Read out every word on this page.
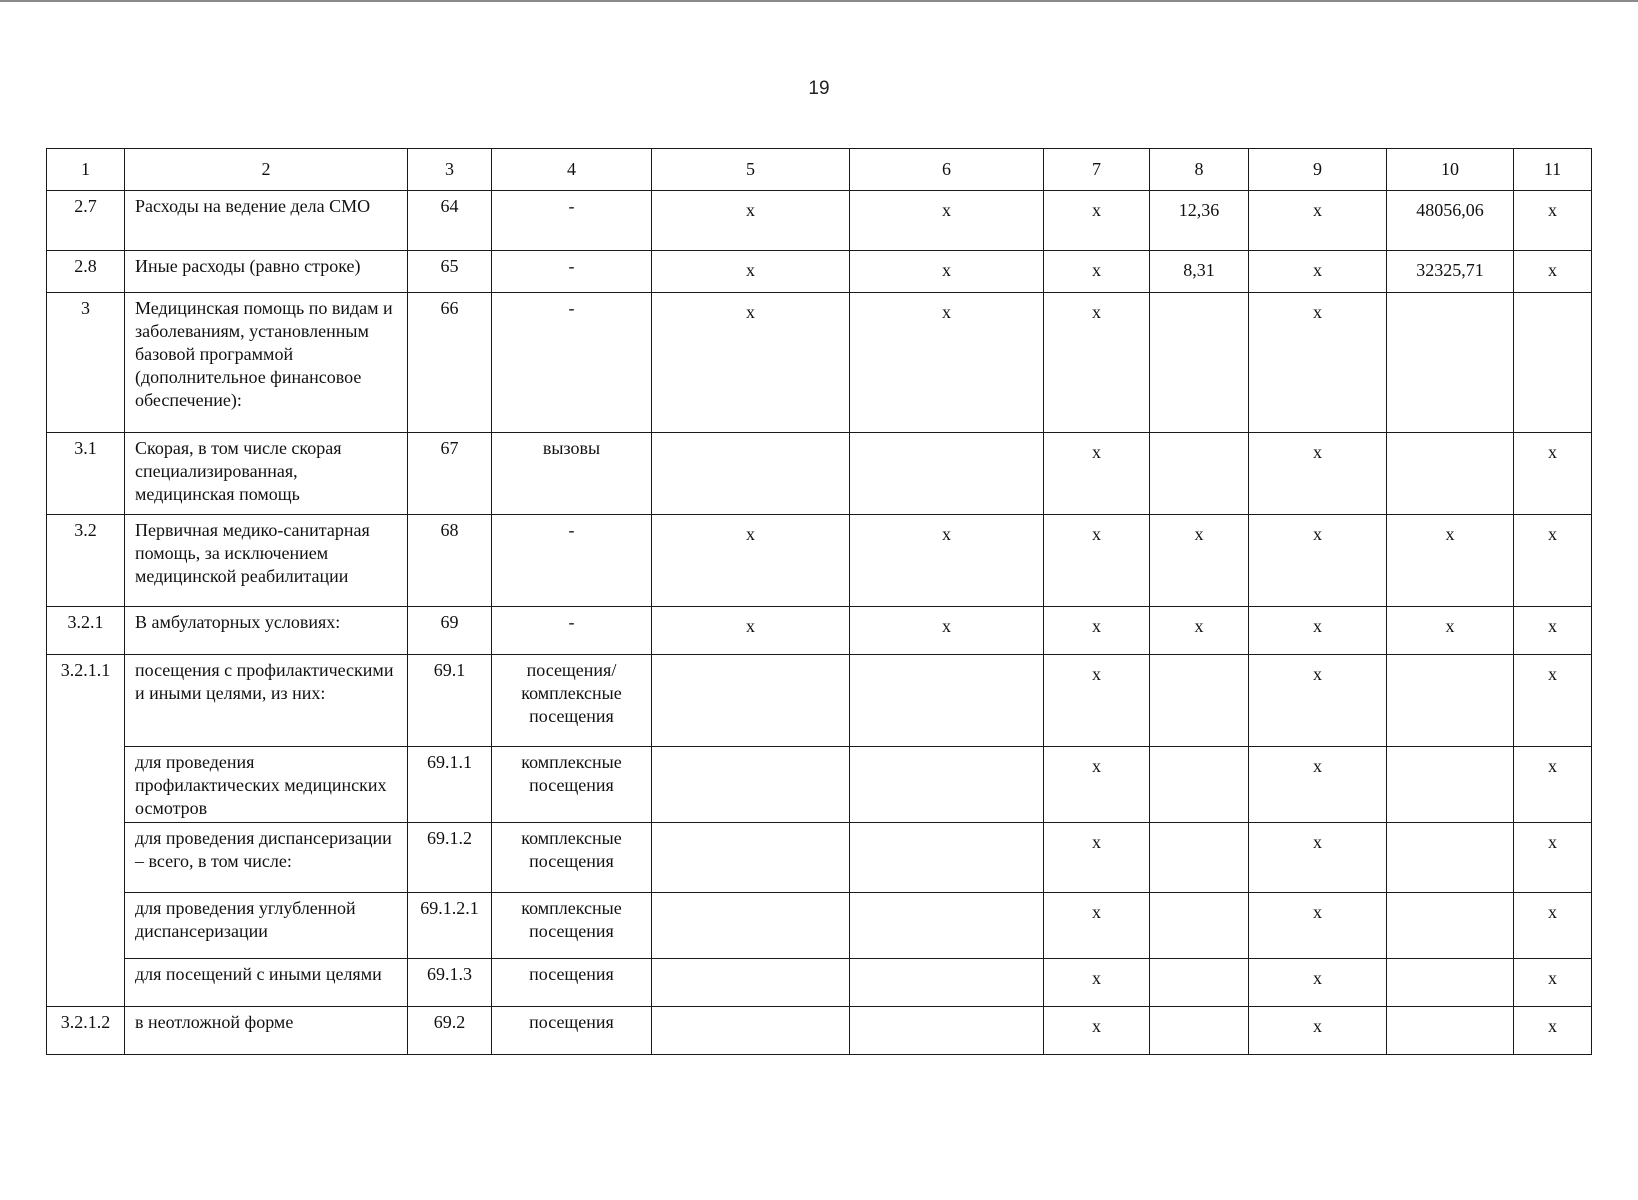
19
1	2	3	4	5	6	7	8	9	10	11
2.7	Расходы на ведение дела СМО	64	-	х	х	х	12,36	х	48056,06	х
2.8	Иные расходы (равно строке)	65	-	х	х	х	8,31	х	32325,71	х
3	Медицинская помощь по видам и заболеваниям, установленным базовой программой (дополнительное финансовое обеспечение):	66	-	х	х	х		х		
3.1	Скорая, в том числе скорая специализированная, медицинская помощь	67	вызовы			х		х		х
3.2	Первичная медико-санитарная помощь, за исключением медицинской реабилитации	68	-	х	х	х	х	х	х	х
3.2.1	В амбулаторных условиях:	69	-	х	х	х	х	х	х	х
3.2.1.1	посещения с профилактическими и иными целями, из них:	69.1	посещения/ комплексные посещения			х		х		х
	для проведения профилактических медицинских осмотров	69.1.1	комплексные посещения			х		х		х
	для проведения диспансеризации – всего, в том числе:	69.1.2	комплексные посещения			х		х		х
	для проведения углубленной диспансеризации	69.1.2.1	комплексные посещения			х		х		х
	для посещений с иными целями	69.1.3	посещения			х		х		х
3.2.1.2	в неотложной форме	69.2	посещения			х		х		х
